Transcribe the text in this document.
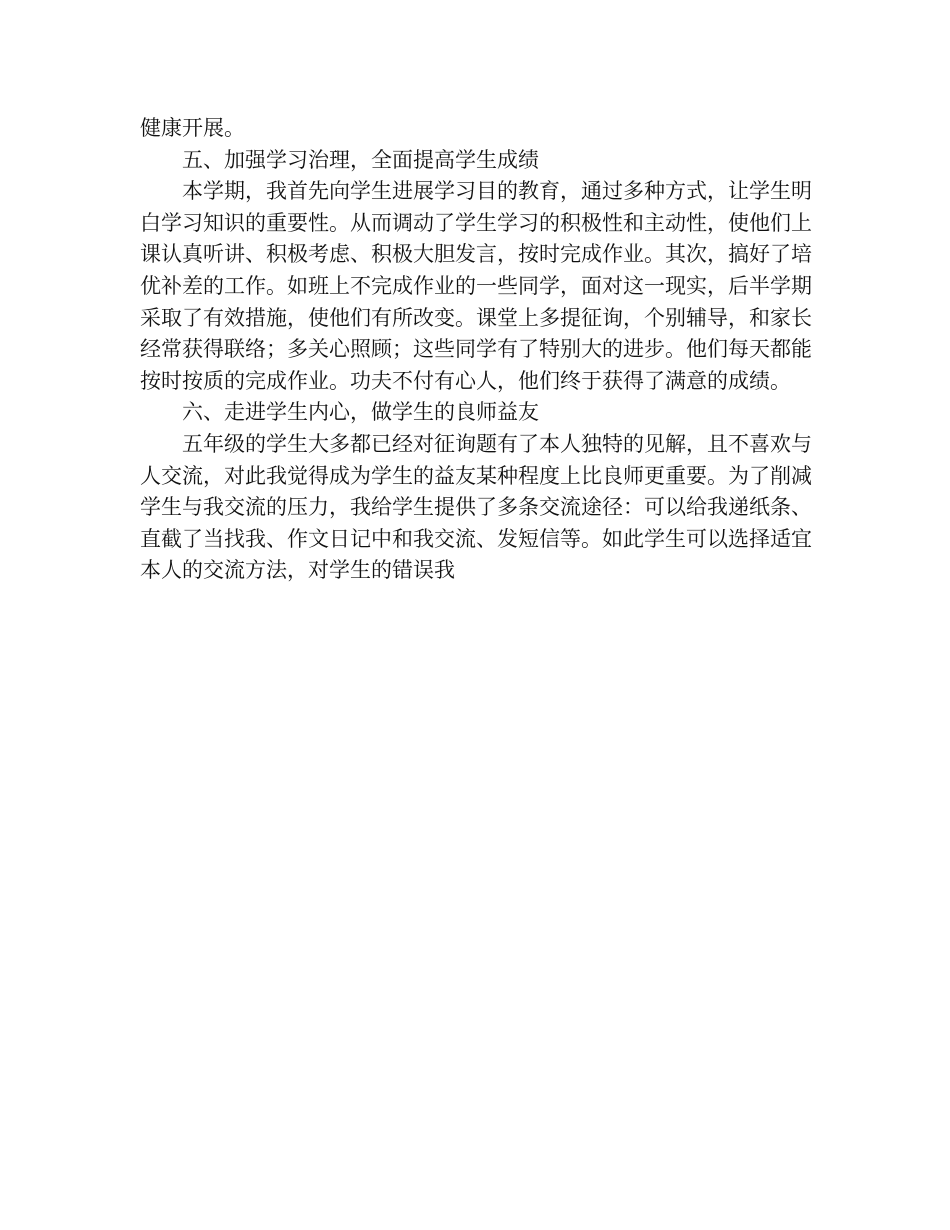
健康开展。

五、加强学习治理，全面提高学生成绩

本学期，我首先向学生进展学习目的教育，通过多种方式，让学生明白学习知识的重要性。从而调动了学生学习的积极性和主动性，使他们上课认真听讲、积极考虑、积极大胆发言，按时完成作业。其次，搞好了培优补差的工作。如班上不完成作业的一些同学，面对这一现实，后半学期采取了有效措施，使他们有所改变。课堂上多提征询，个别辅导，和家长经常获得联络；多关心照顾；这些同学有了特别大的进步。他们每天都能按时按质的完成作业。功夫不付有心人，他们终于获得了满意的成绩。

六、走进学生内心，做学生的良师益友

五年级的学生大多都已经对征询题有了本人独特的见解，且不喜欢与人交流，对此我觉得成为学生的益友某种程度上比良师更重要。为了削减学生与我交流的压力，我给学生提供了多条交流途径：可以给我递纸条、直截了当找我、作文日记中和我交流、发短信等。如此学生可以选择适宜本人的交流方法，对学生的错误我
